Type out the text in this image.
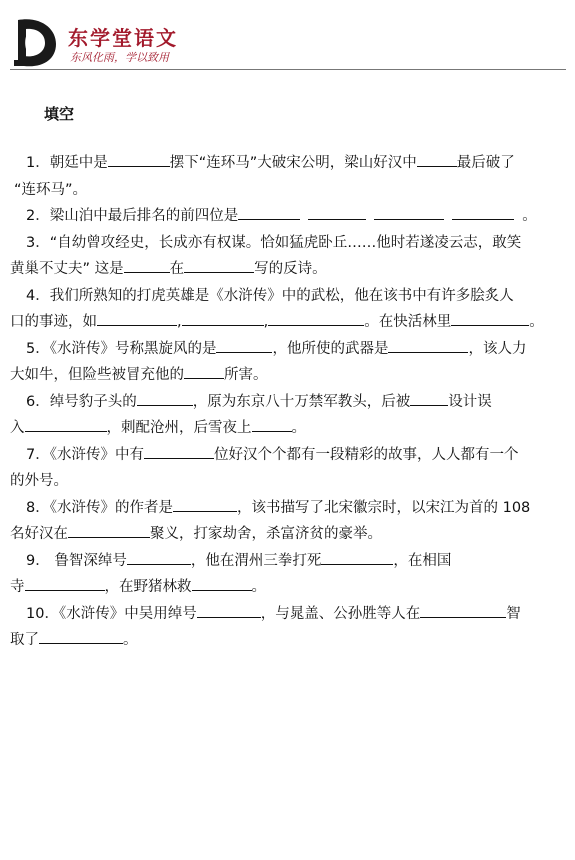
东学堂语文
东风化雨，学以致用
填空

1．朝廷中是	摆下“连环马”大破宋公明，梁山好汉中	最后破了
“连环马”。

2．梁山泊中最后排名的前四位是	。

3．“自幼曾攻经史，长成亦有权谋。恰如猛虎卧丘……他时若遂凌云志，敢笑
黄巢不丈夫” 这是	在	写的反诗。

4．我们所熟知的打虎英雄是《水浒传》中的武松，他在该书中有许多脍炙人
口的事迹，如	,	,	。在快活林里	。

5．《水浒传》号称黑旋风的是	，他所使的武器是	，该人力
大如牛，但险些被冒充他的	所害。

6．绰号豹子头的	，原为东京八十万禁军教头，后被	设计误
入	，刺配沧州，后雪夜上	。

7．《水浒传》中有	位好汉个个都有一段精彩的故事，人人都有一个
的外号。

8．《水浒传》的作者是	，该书描写了北宋徽宗时，以宋江为首的 108
名好汉在	聚义，打家劫舍，杀富济贫的豪举。

9． 鲁智深绰号	，他在渭州三拳打死	，在相国
寺	，在野猪林救	。

10．《水浒传》中吴用绰号	，与晁盖、公孙胜等人在	智
取了	。
